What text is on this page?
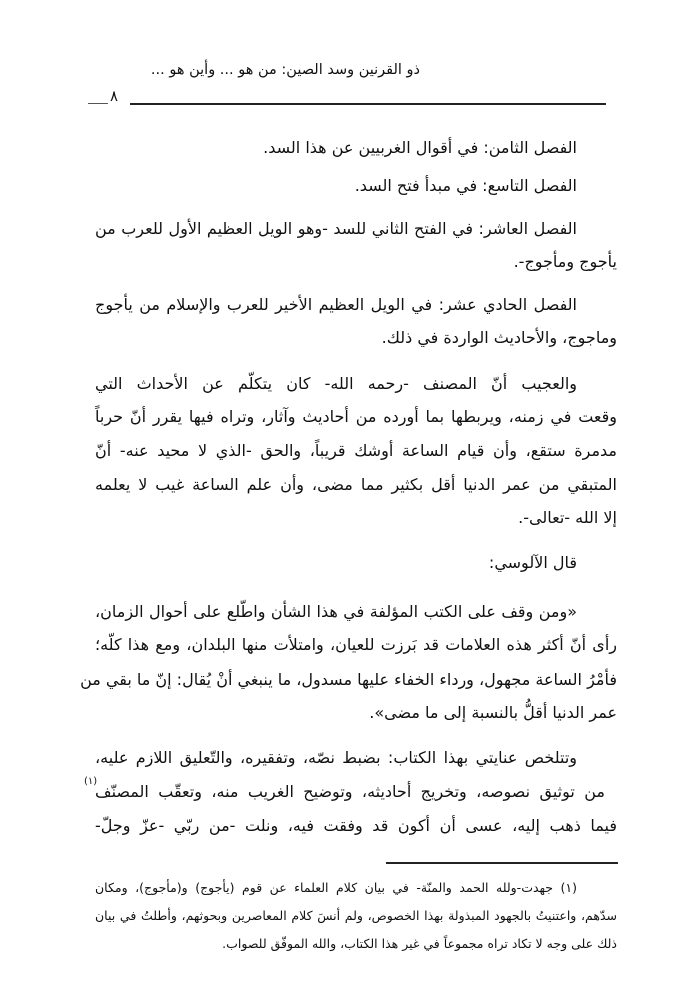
ذو القرنين وسد الصين: من هو ... وأين هو ...
٨
الفصل الثامن: في أقوال الغربيين عن هذا السد.
الفصل التاسع: في مبدأ فتح السد.
الفصل العاشر: في الفتح الثاني للسد -وهو الويل العظيم الأول للعرب من
يأجوج ومأجوج-.
الفصل الحادي عشر: في الويل العظيم الأخير للعرب والإسلام من يأجوج
وماجوج، والأحاديث الواردة في ذلك.
والعجيب أنّ المصنف -رحمه الله- كان يتكلّم عن الأحداث التي
وقعت في زمنه، ويربطها بما أورده من أحاديث وآثار، وتراه فيها يقرر أنّ حرباً
مدمرة ستقع، وأن قيام الساعة أوشك قريباً، والحق -الذي لا محيد عنه- أنّ
المتبقي من عمر الدنيا أقل بكثير مما مضى، وأن علم الساعة غيب لا يعلمه
إلا الله -تعالى-.
قال الآلوسي:
«ومن وقف على الكتب المؤلفة في هذا الشأن واطّلع على أحوال الزمان،
رأى أنّ أكثر هذه العلامات قد بَرزت للعيان، وامتلأت منها البلدان، ومع هذا كلّه؛
فأمْرُ الساعة مجهول، ورداء الخفاء عليها مسدول، ما ينبغي أنْ يُقال: إنّ ما بقي من
عمر الدنيا أقلُّ بالنسبة إلى ما مضى».
وتتلخص عنايتي بهذا الكتاب: بضبط نصّه، وتفقيره، والتّعليق اللازم عليه،
من توثيق نصوصه، وتخريج أحاديثه، وتوضيح الغريب منه، وتعقّب المصنّف
(١)
فيما ذهب إليه، عسى أن أكون قد وفقت فيه، ونلت -من ربّي -عزّ وجلّ-
(١) جهدت-ولله الحمد والمنّة- في بيان كلام العلماء عن قوم (يأجوج) و(مأجوج)، ومكان
سدّهم، واعتنيتُ بالجهود المبذولة بهذا الخصوص، ولم أنسَ كلام المعاصرين وبحوثهم، وأطلتُ في بيان
ذلك على وجه لا تكاد تراه مجموعاً في غير هذا الكتاب، والله الموفّق للصواب.
